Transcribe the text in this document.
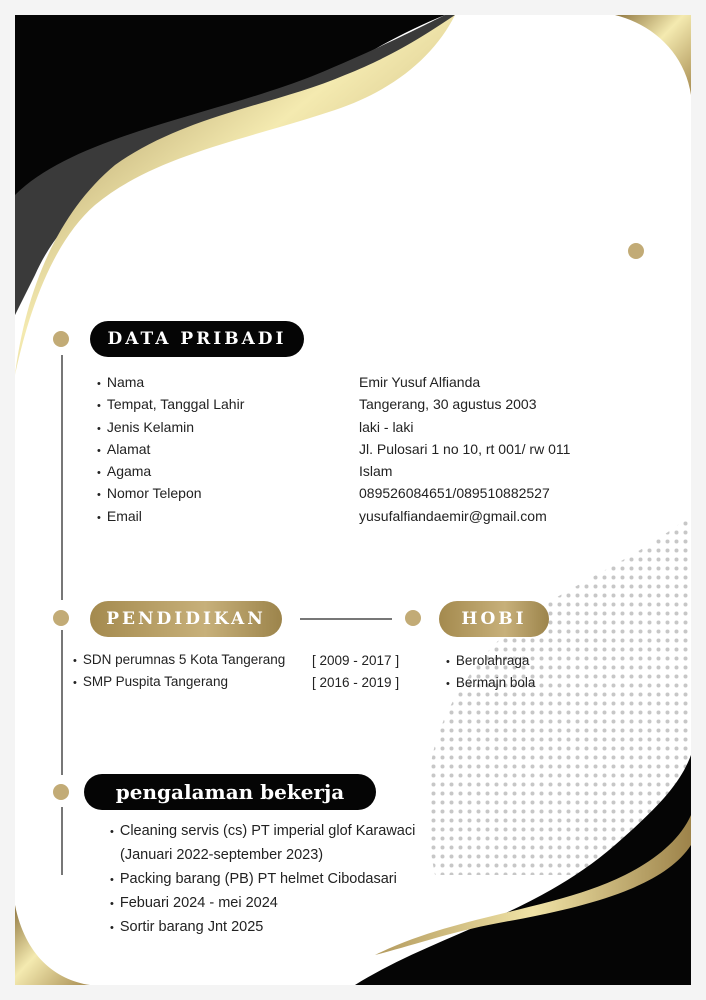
DATA PRIBADI
• Nama
• Tempat, Tanggal Lahir
• Jenis Kelamin
• Alamat
• Agama
• Nomor Telepon
• Email
Emir Yusuf Alfianda
Tangerang, 30 agustus 2003
laki - laki
Jl. Pulosari 1 no 10, rt 001/ rw 011
Islam
089526084651/089510882527
yusufalfiandaemir@gmail.com
PENDIDIKAN
• SDN perumnas 5 Kota Tangerang
• SMP Puspita Tangerang
[ 2009 - 2017 ]
[ 2016 - 2019 ]
HOBI
• Berolahraga
• Bermajn bola
pengalaman bekerja
• Cleaning servis (cs) PT imperial glof Karawaci
(Januari 2022-september 2023)
• Packing barang (PB) PT helmet Cibodasari
• Febuari 2024 - mei 2024
• Sortir barang Jnt 2025
